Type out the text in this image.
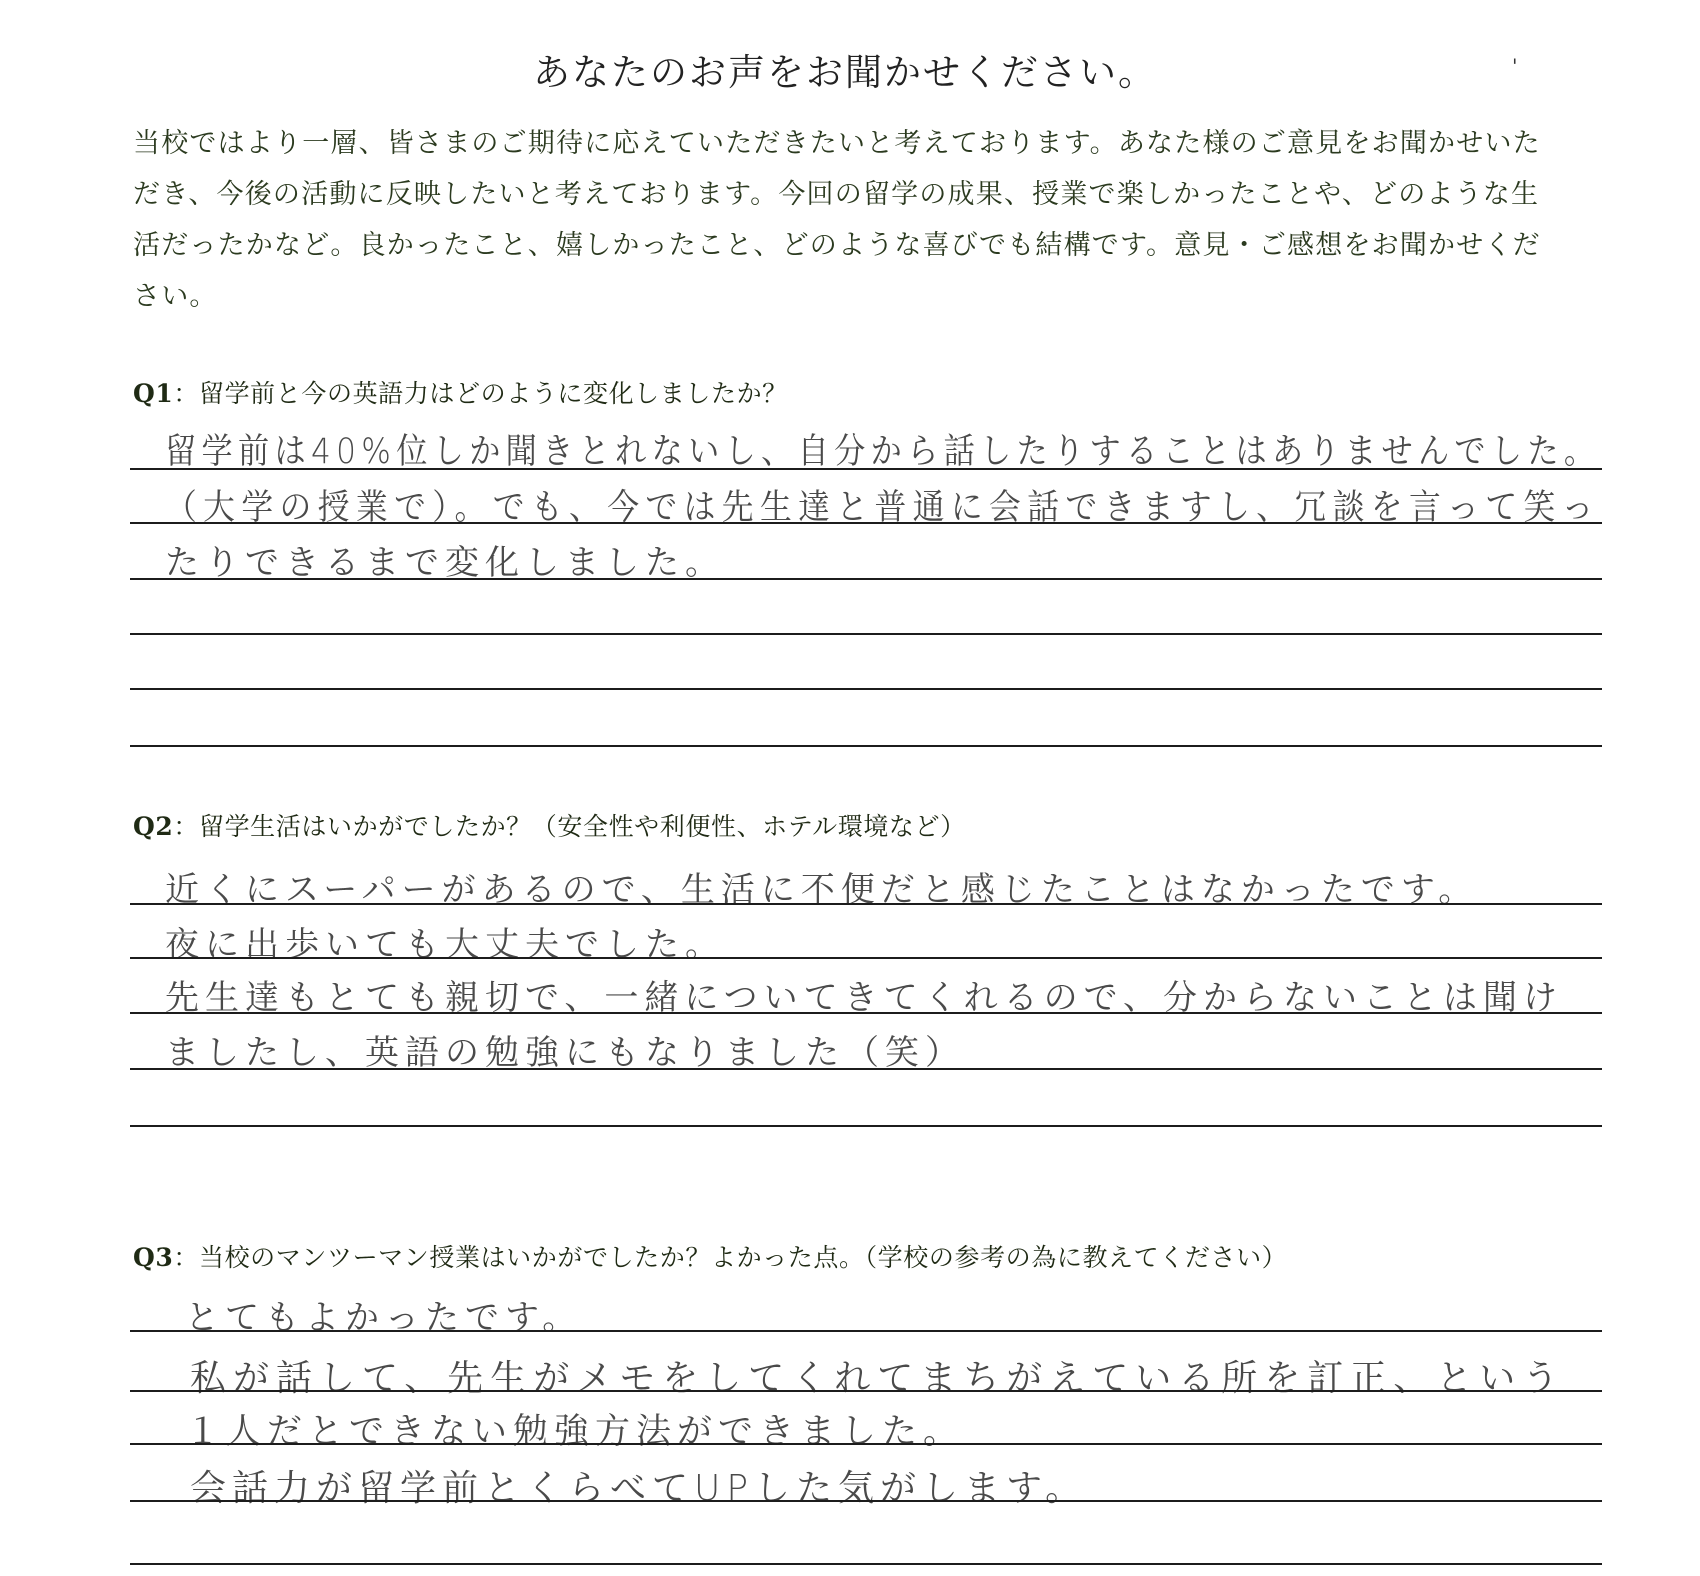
あなたのお声をお聞かせください。	'
当校ではより一層、皆さまのご期待に応えていただきたいと考えております。あなた様のご意見をお聞かせいた
だき、今後の活動に反映したいと考えております。今回の留学の成果、授業で楽しかったことや、どのような生
活だったかなど。良かったこと、嬉しかったこと、どのような喜びでも結構です。意見・ご感想をお聞かせくだ
さい。
Q1：留学前と今の英語力はどのように変化しましたか？
留学前は40%位しか聞きとれないし、自分から話したりすることはありませんでした。
（大学の授業で）。でも、今では先生達と普通に会話できますし、冗談を言って笑っ
たりできるまで変化しました。
Q2：留学生活はいかがでしたか？（安全性や利便性、ホテル環境など）
近くにスーパーがあるので、生活に不便だと感じたことはなかったです。
夜に出歩いても大丈夫でした。
先生達もとても親切で、一緒についてきてくれるので、分からないことは聞け
ましたし、英語の勉強にもなりました（笑）
Q3：当校のマンツーマン授業はいかがでしたか？よかった点。（学校の参考の為に教えてください）
とてもよかったです。
私が話して、先生がメモをしてくれてまちがえている所を訂正、という
１人だとできない勉強方法ができました。
会話力が留学前とくらべてUPした気がします。
